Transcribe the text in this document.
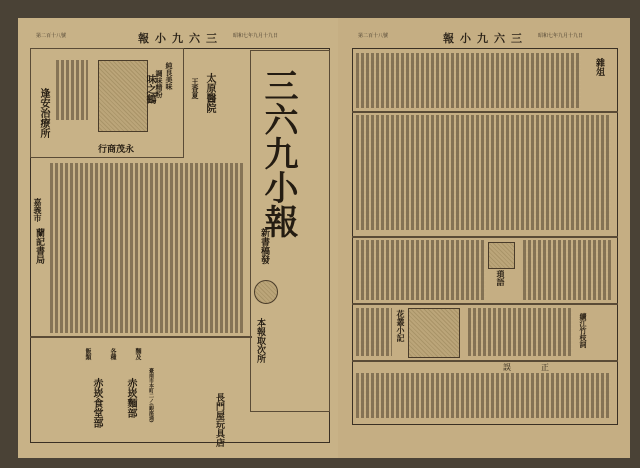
第二百十八號	三六九小報 昭和七年九月十九日
三六九小報
新書稿發
本報取次所
逢安治療所
純良美味
調味精粉
味之鶴
永茂商行
太原醫院
王香夏
嘉義市
蘭記書局
麵及
各種
飯類
赤崁麵部
赤崁食堂部	臺南市本町二ノ(銀座通)	長門屋玩具店
第二百十八號	三六九小報 昭和七年九月十九日
雜俎
瑣語
花叢小記	續江竹枝詞
正誤
